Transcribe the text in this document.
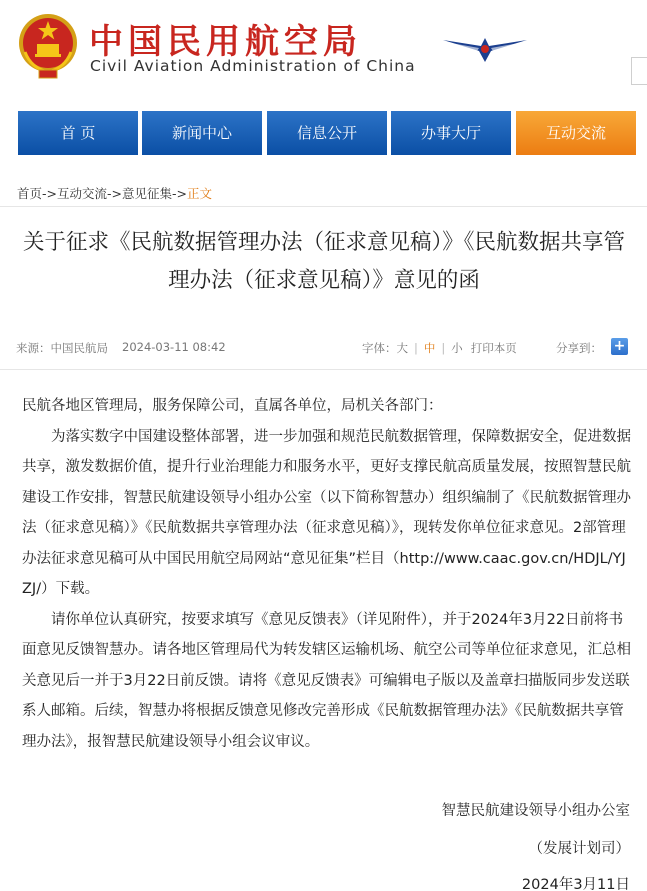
中国民用航空局
Civil Aviation Administration of China
首 页	新闻中心	信息公开	办事大厅	互动交流
首页->互动交流->意见征集->正文
关于征求《民航数据管理办法（征求意见稿）》《民航数据共享管理办法（征求意见稿）》意见的函
来源：中国民航局 2024-03-11 08:42	字体：大 | 中 | 小 打印本页	分享到： +

民航各地区管理局，服务保障公司，直属各单位，局机关各部门：

为落实数字中国建设整体部署，进一步加强和规范民航数据管理，保障数据安全，促进数据共享，激发数据价值，提升行业治理能力和服务水平，更好支撑民航高质量发展，按照智慧民航建设工作安排，智慧民航建设领导小组办公室（以下简称智慧办）组织编制了《民航数据管理办法（征求意见稿）》《民航数据共享管理办法（征求意见稿）》，现转发你单位征求意见。2部管理办法征求意见稿可从中国民用航空局网站“意见征集”栏目（http://www.caac.gov.cn/HDJL/YJZJ/）下载。

请你单位认真研究，按要求填写《意见反馈表》（详见附件），并于2024年3月22日前将书面意见反馈智慧办。请各地区管理局代为转发辖区运输机场、航空公司等单位征求意见，汇总相关意见后一并于3月22日前反馈。请将《意见反馈表》可编辑电子版以及盖章扫描版同步发送联系人邮箱。后续，智慧办将根据反馈意见修改完善形成《民航数据管理办法》《民航数据共享管理办法》，报智慧民航建设领导小组会议审议。

智慧民航建设领导小组办公室
（发展计划司）
2024年3月11日
